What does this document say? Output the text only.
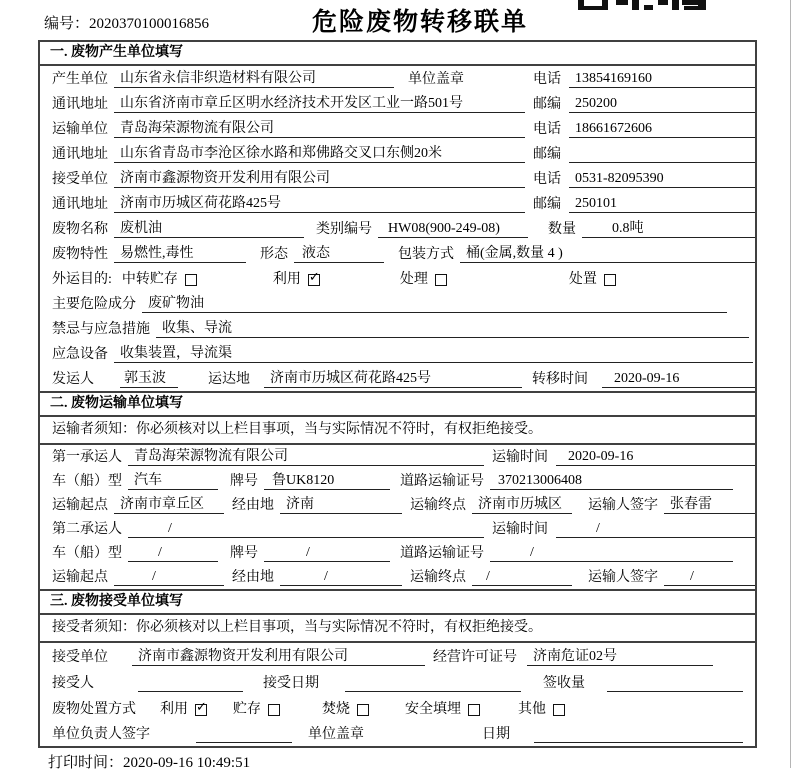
编号：2020370100016856	危险废物转移联单
一. 废物产生单位填写
产生单位 山东省永信非织造材料有限公司	单位盖章	电话	13854169160
通讯地址 山东省济南市章丘区明水经济技术开发区工业一路501号	邮编	250200
运输单位 青岛海荣源物流有限公司	电话	18661672606
通讯地址 山东省青岛市李沧区徐水路和郑佛路交叉口东侧20米	邮编
接受单位 济南市鑫源物资开发利用有限公司	电话	0531-82095390
通讯地址 济南市历城区荷花路425号	邮编	250101
废物名称 废机油	类别编号	HW08(900-249-08)	数量	0.8吨
废物特性 易燃性,毒性	形态	液态	包装方式 桶(金属,数量 4 )
外运目的: 中转贮存	利用 ✓	处理	处置
主要危险成分 废矿物油
禁忌与应急措施 收集、导流
应急设备 收集装置，导流渠
发运人 郭玉波	运达地	济南市历城区荷花路425号	转移时间	2020-09-16
二. 废物运输单位填写
运输者须知：你必须核对以上栏目事项，当与实际情况不符时，有权拒绝接受。
第一承运人 青岛海荣源物流有限公司	运输时间	2020-09-16
车（船）型 汽车	牌号	鲁UK8120	道路运输证号	370213006408
运输起点 济南市章丘区	经由地 济南	运输终点 济南市历城区	运输人签字 张春雷
第二承运人	/	运输时间	/
车（船）型	/	牌号	/	道路运输证号	/
运输起点	/	经由地	/	运输终点	/	运输人签字	/
三. 废物接受单位填写
接受者须知：你必须核对以上栏目事项，当与实际情况不符时，有权拒绝接受。
接受单位	济南市鑫源物资开发利用有限公司	经营许可证号	济南危证02号
接受人	接受日期	签收量
废物处置方式 利用 ✓	贮存	焚烧	安全填埋	其他
单位负责人签字	单位盖章	日期
打印时间：2020-09-16 10:49:51
